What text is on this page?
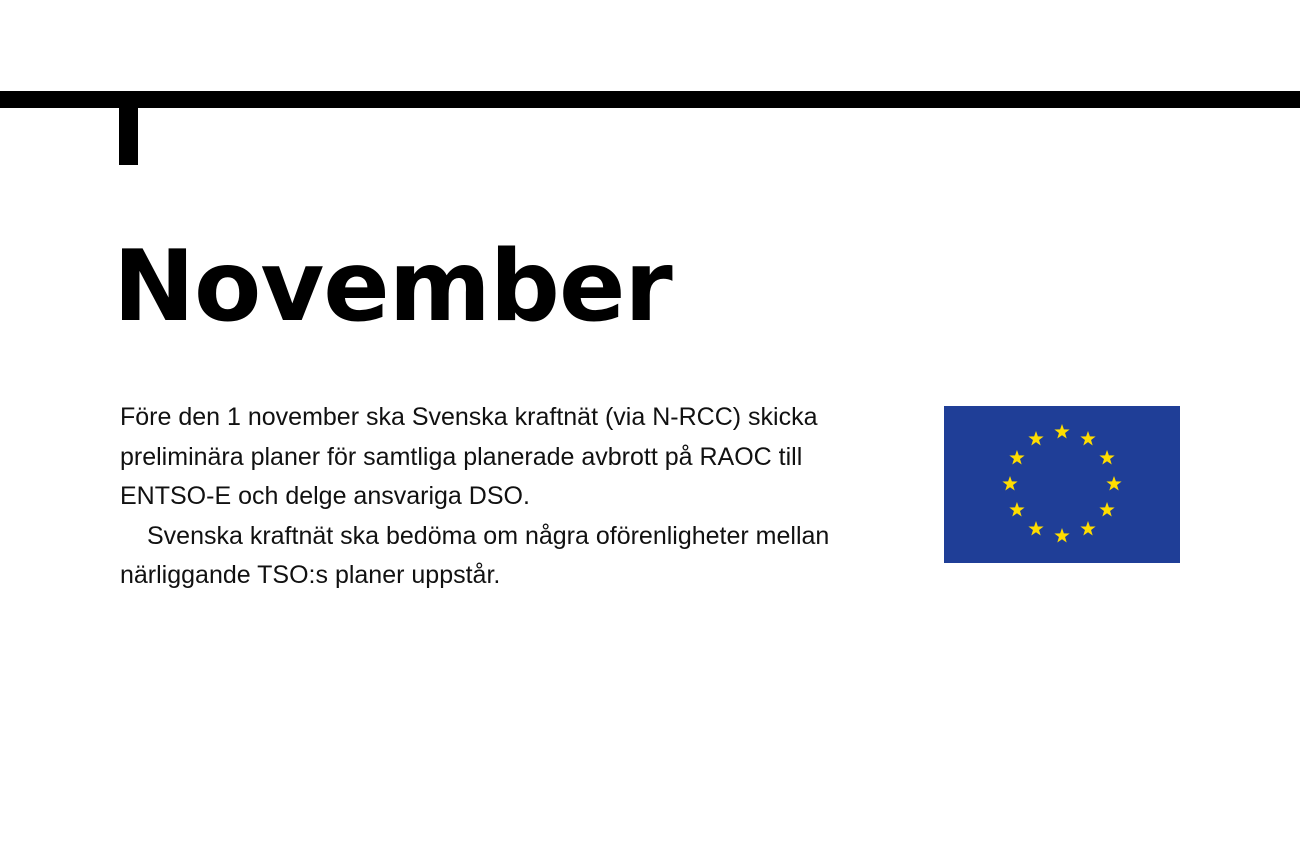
November

Före den 1 november ska Svenska kraftnät (via N-RCC) skicka preliminära planer för samtliga planerade avbrott på RAOC till ENTSO-E och delge ansvariga DSO.

Svenska kraftnät ska bedöma om några oförenligheter mellan närliggande TSO:s planer uppstår.
